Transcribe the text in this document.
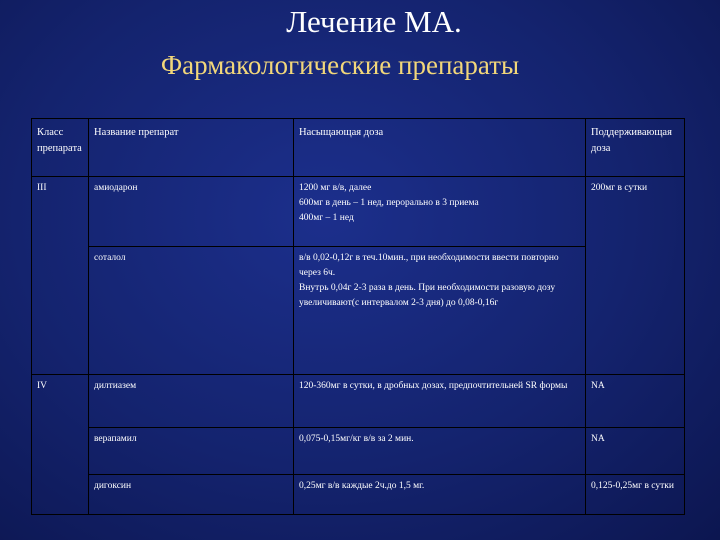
Лечение МА.
Фармакологические препараты
Класс препарата	Название препарат	Насыщающая доза	Поддерживающая доза
III	амиодарон	1200 мг в/в, далее
600мг в день – 1 нед, перорально в 3 приема
400мг – 1 нед	200мг в сутки
	соталол	в/в 0,02-0,12г в теч.10мин., при необходимости ввести повторно через 6ч.
Внутрь 0,04г 2-3 раза в день. При необходимости разовую дозу увеличивают(с интервалом 2-3 дня) до 0,08-0,16г	

IV	дилтиазем	120-360мг в сутки, в дробных дозах, предпочтительней SR формы	NA
	верапамил	0,075-0,15мг/кг в/в за 2 мин.	NA
	дигоксин	0,25мг в/в каждые 2ч.до 1,5 мг.	0,125-0,25мг в сутки
